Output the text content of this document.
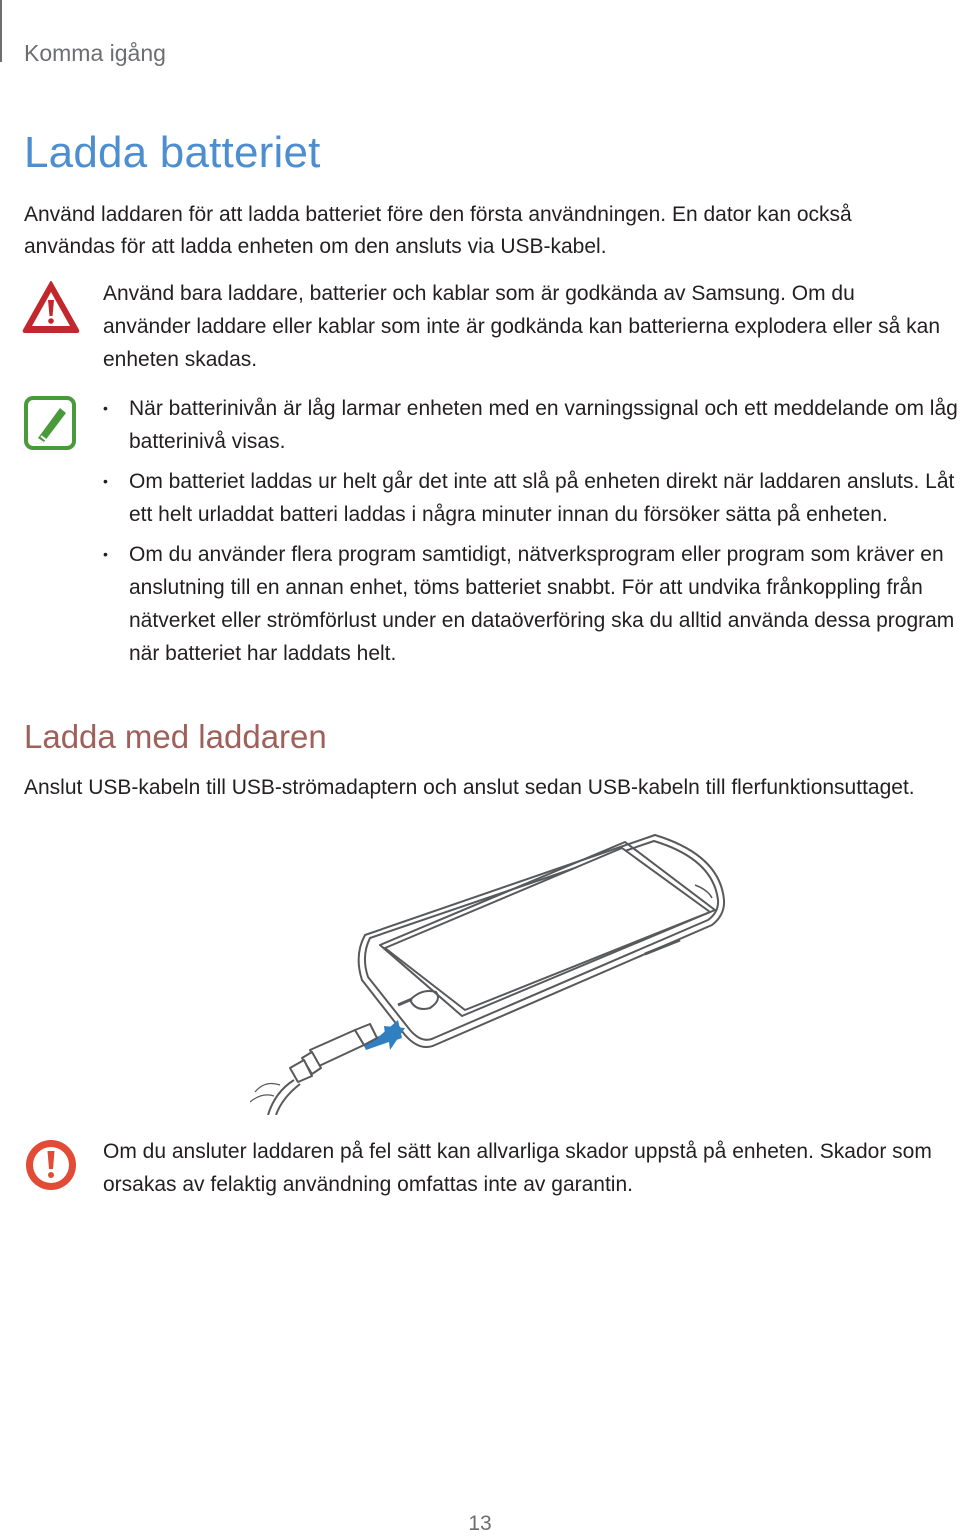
Komma igång
Ladda batteriet
Använd laddaren för att ladda batteriet före den första användningen. En dator kan också användas för att ladda enheten om den ansluts via USB-kabel.
Använd bara laddare, batterier och kablar som är godkända av Samsung. Om du använder laddare eller kablar som inte är godkända kan batterierna explodera eller så kan enheten skadas.
• När batterinivån är låg larmar enheten med en varningssignal och ett meddelande om låg batterinivå visas.
• Om batteriet laddas ur helt går det inte att slå på enheten direkt när laddaren ansluts. Låt ett helt urladdat batteri laddas i några minuter innan du försöker sätta på enheten.
• Om du använder flera program samtidigt, nätverksprogram eller program som kräver en anslutning till en annan enhet, töms batteriet snabbt. För att undvika frånkoppling från nätverket eller strömförlust under en dataöverföring ska du alltid använda dessa program när batteriet har laddats helt.
Ladda med laddaren
Anslut USB-kabeln till USB-strömadaptern och anslut sedan USB-kabeln till flerfunktionsuttaget.
Om du ansluter laddaren på fel sätt kan allvarliga skador uppstå på enheten. Skador som orsakas av felaktig användning omfattas inte av garantin.
13
